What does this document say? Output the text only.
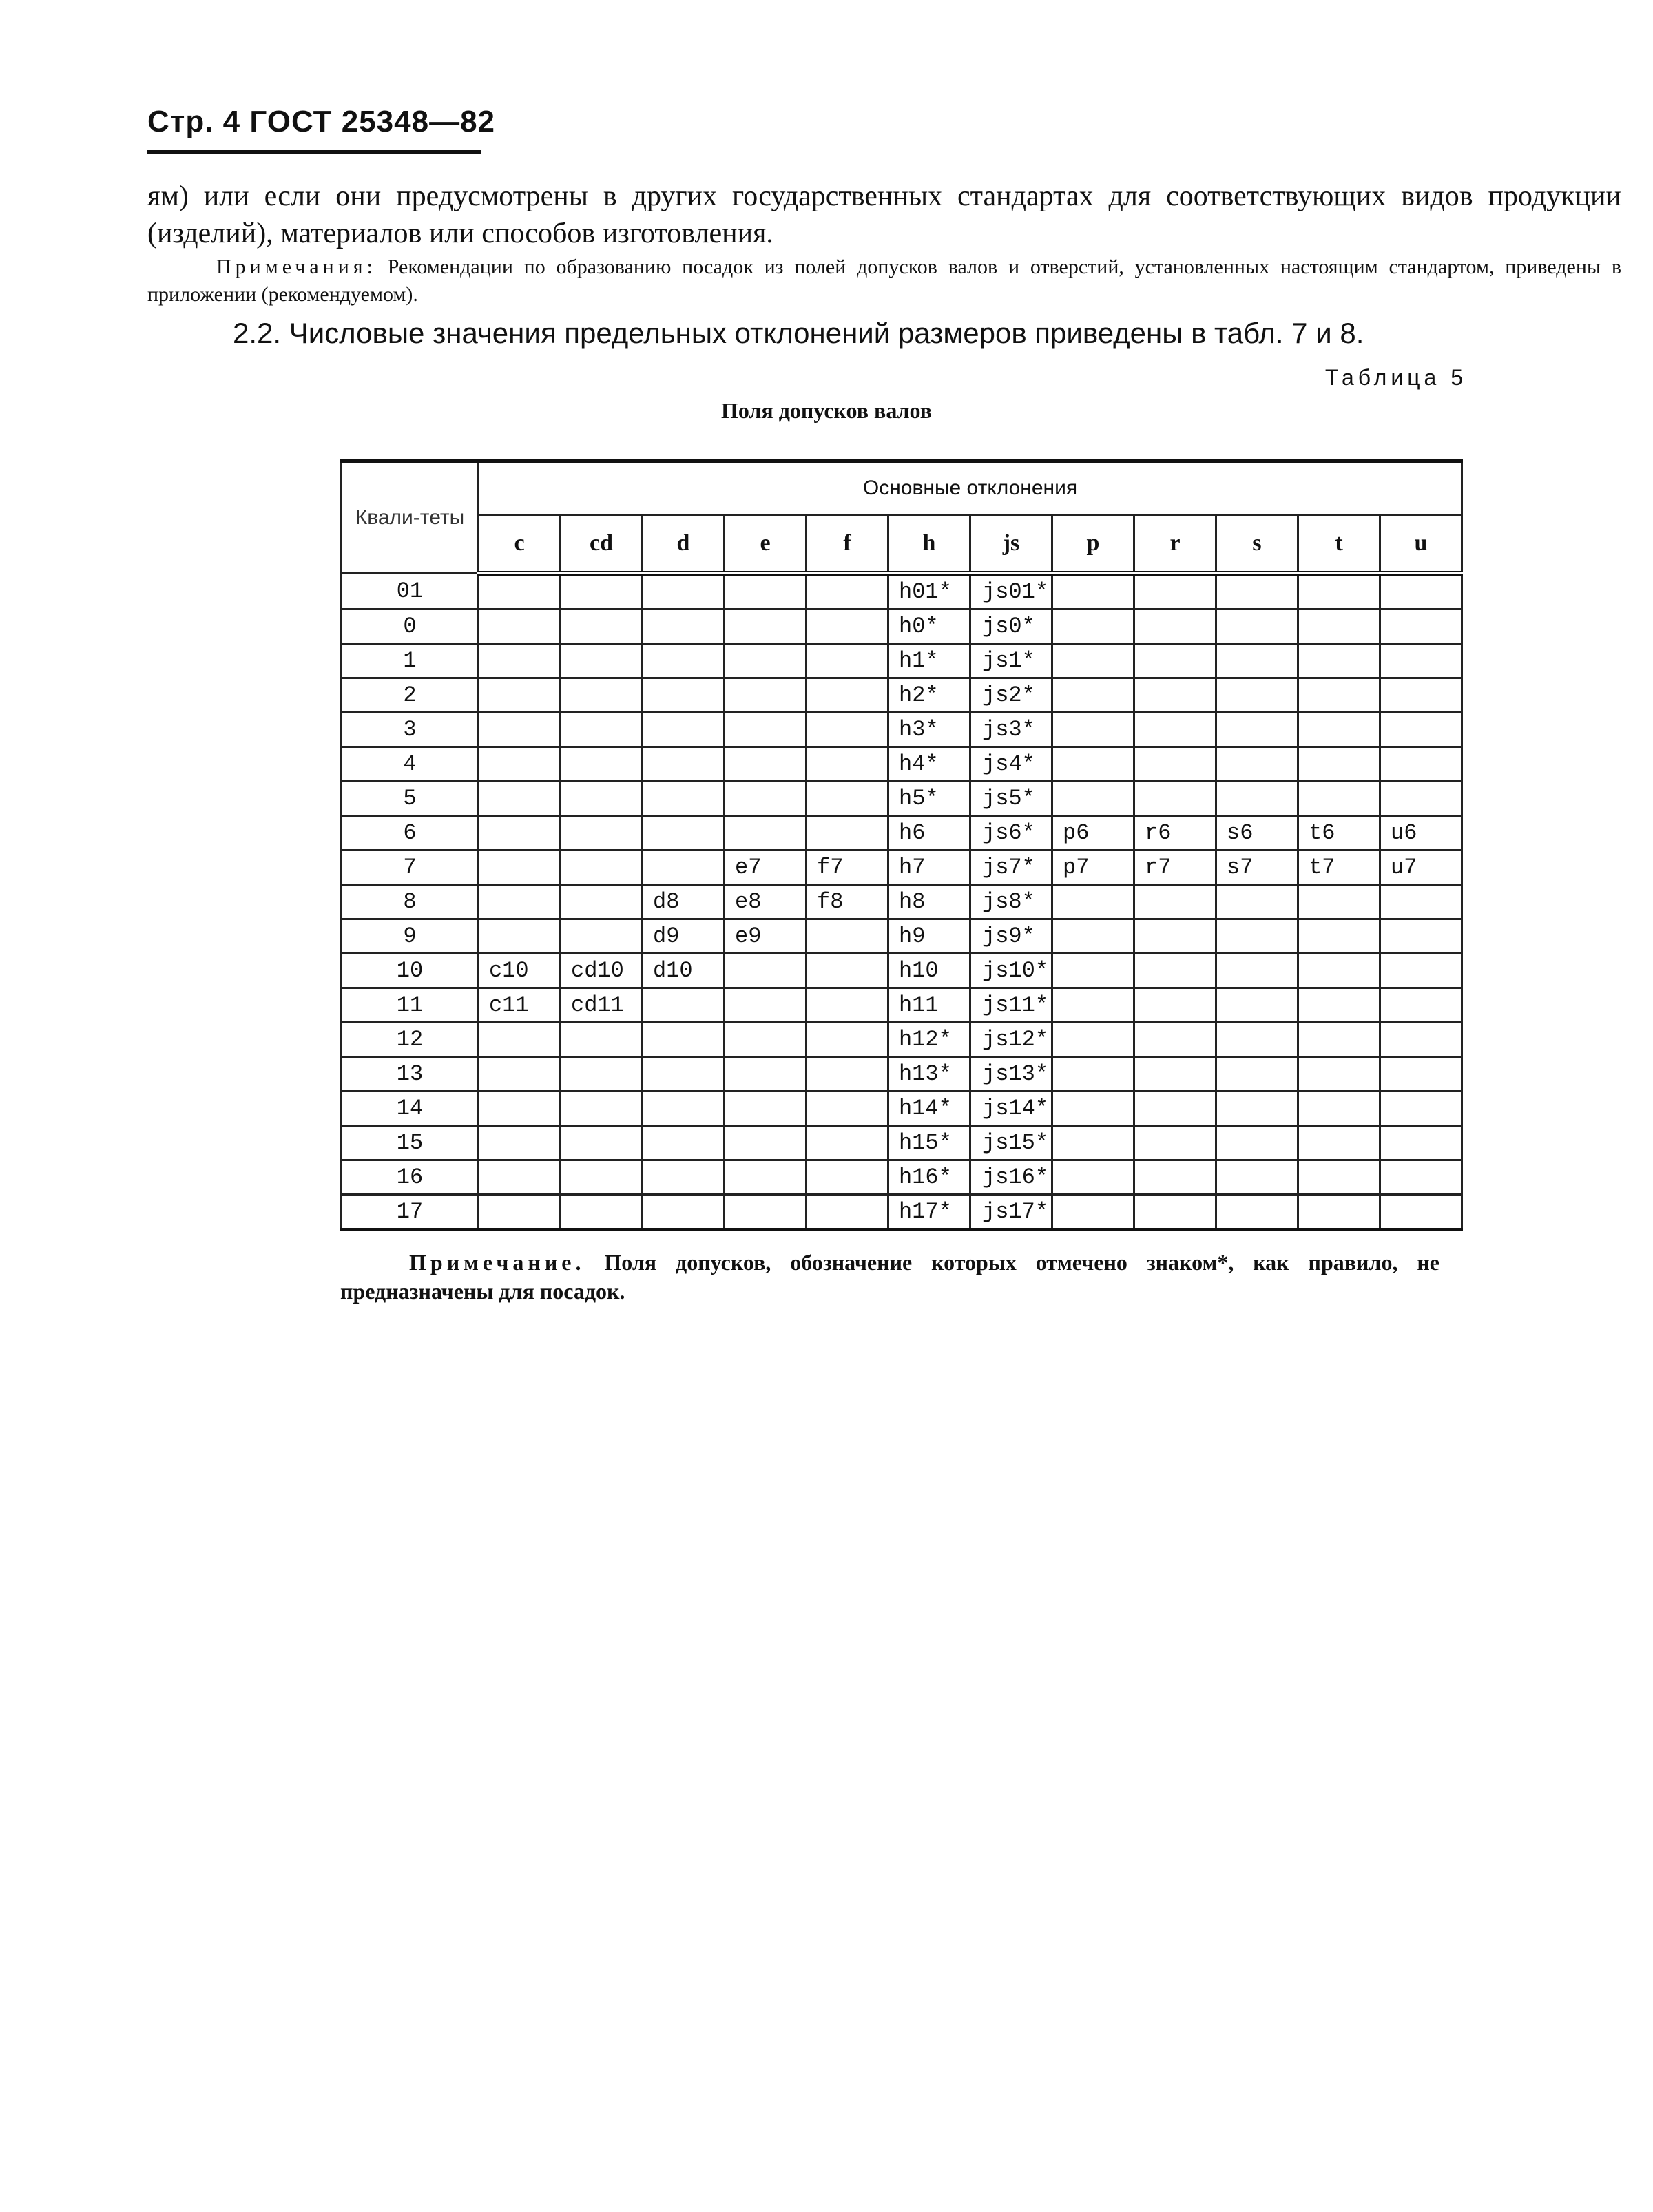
Стр. 4 ГОСТ 25348—82
ям) или если они предусмотрены в других государственных стандартах для соответствующих видов продукции (изделий), материалов или способов изготовления.
Примечания: Рекомендации по образованию посадок из полей допусков валов и отверстий, установленных настоящим стандартом, приведены в приложении (рекомендуемом).
2.2. Числовые значения предельных отклонений размеров приведены в табл. 7 и 8.
Таблица 5
Поля допусков валов
Квали-теты	Основные отклонения											
	c	cd	d	e	f	h	js	p	r	s	t	u
01						h01*	js01*					
0						h0*	js0*					
1						h1*	js1*					
2						h2*	js2*					
3						h3*	js3*					
4						h4*	js4*					
5						h5*	js5*					
6						h6	js6*	p6	r6	s6	t6	u6
7				e7	f7	h7	js7*	p7	r7	s7	t7	u7
8			d8	e8	f8	h8	js8*					
9			d9	e9		h9	js9*					
10	c10	cd10	d10			h10	js10*					
11	c11	cd11				h11	js11*					
12						h12*	js12*					
13						h13*	js13*					
14						h14*	js14*					
15						h15*	js15*					
16						h16*	js16*					
17						h17*	js17*					
Примечание. Поля допусков, обозначение которых отмечено знаком*, как правило, не предназначены для посадок.
